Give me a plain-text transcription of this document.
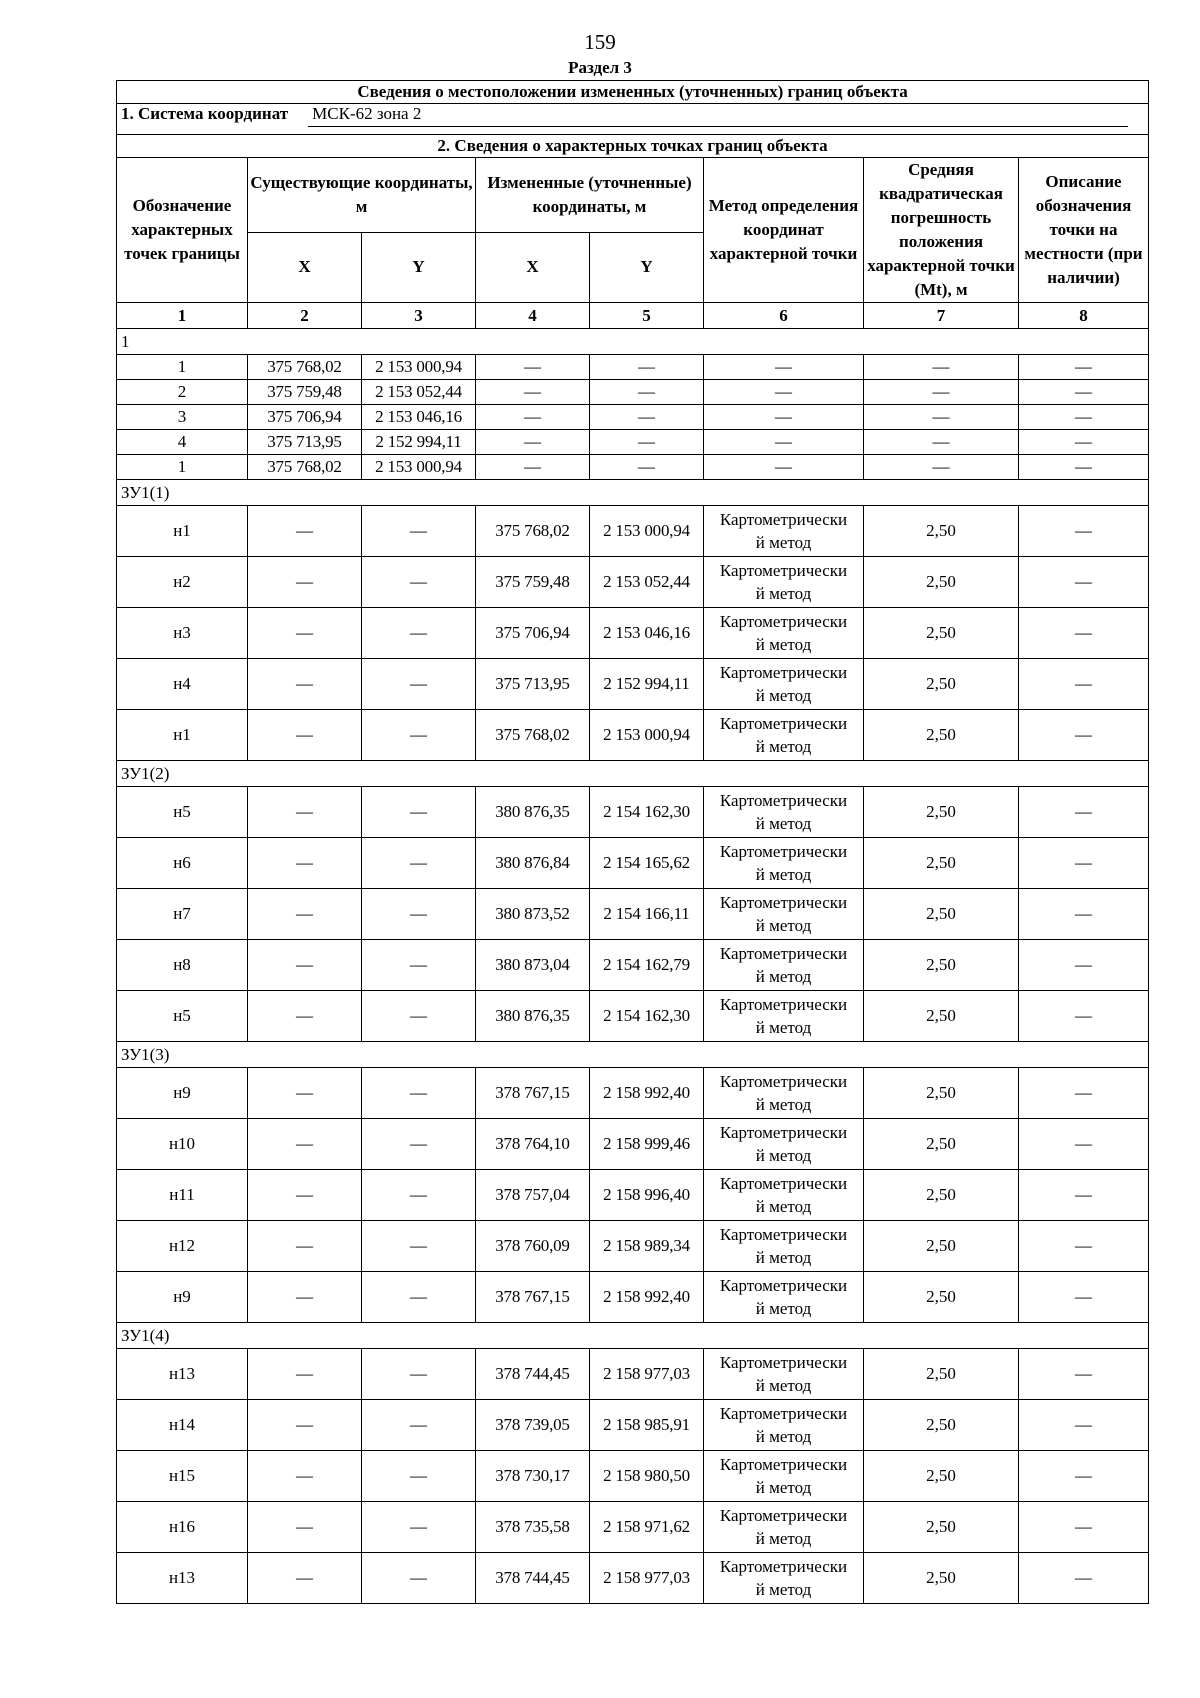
159
Раздел 3
Сведения о местоположении измененных (уточненных) границ объекта							
1. Система координат МСК-62 зона 2							
2. Сведения о характерных точках границ объекта							
Обозначение характерных точек границы	Существующие координаты, м		Измененные (уточненные) координаты, м		Метод определения координат характерной точки	Средняя квадратическая погрешность положения характерной точки (Mt), м	Описание обозначения точки на местности (при наличии)
	X	Y	X	Y			
1	2	3	4	5	6	7	8
1							
1	375 768,02	2 153 000,94	—	—	—	—	—
2	375 759,48	2 153 052,44	—	—	—	—	—
3	375 706,94	2 153 046,16	—	—	—	—	—
4	375 713,95	2 152 994,11	—	—	—	—	—
1	375 768,02	2 153 000,94	—	—	—	—	—
ЗУ1(1)							
н1	—	—	375 768,02	2 153 000,94	Картометрически
й метод	2,50	—
н2	—	—	375 759,48	2 153 052,44	Картометрически
й метод	2,50	—
н3	—	—	375 706,94	2 153 046,16	Картометрически
й метод	2,50	—
н4	—	—	375 713,95	2 152 994,11	Картометрически
й метод	2,50	—
н1	—	—	375 768,02	2 153 000,94	Картометрически
й метод	2,50	—
ЗУ1(2)							
н5	—	—	380 876,35	2 154 162,30	Картометрически
й метод	2,50	—
н6	—	—	380 876,84	2 154 165,62	Картометрически
й метод	2,50	—
н7	—	—	380 873,52	2 154 166,11	Картометрически
й метод	2,50	—
н8	—	—	380 873,04	2 154 162,79	Картометрически
й метод	2,50	—
н5	—	—	380 876,35	2 154 162,30	Картометрически
й метод	2,50	—
ЗУ1(3)							
н9	—	—	378 767,15	2 158 992,40	Картометрически
й метод	2,50	—
н10	—	—	378 764,10	2 158 999,46	Картометрически
й метод	2,50	—
н11	—	—	378 757,04	2 158 996,40	Картометрически
й метод	2,50	—
н12	—	—	378 760,09	2 158 989,34	Картометрически
й метод	2,50	—
н9	—	—	378 767,15	2 158 992,40	Картометрически
й метод	2,50	—
ЗУ1(4)							
н13	—	—	378 744,45	2 158 977,03	Картометрически
й метод	2,50	—
н14	—	—	378 739,05	2 158 985,91	Картометрически
й метод	2,50	—
н15	—	—	378 730,17	2 158 980,50	Картометрически
й метод	2,50	—
н16	—	—	378 735,58	2 158 971,62	Картометрически
й метод	2,50	—
н13	—	—	378 744,45	2 158 977,03	Картометрически
й метод	2,50	—
